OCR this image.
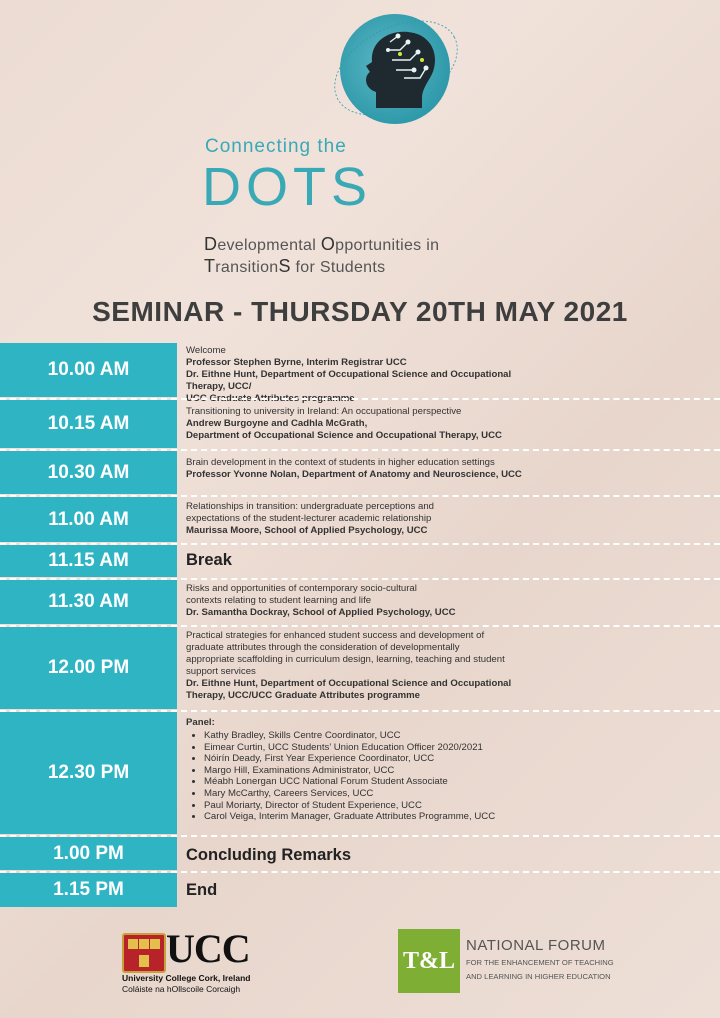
Connecting the
DOTS
Developmental Opportunities in
TransitionS for Students
SEMINAR - THURSDAY 20TH MAY 2021
10.00 AM
Welcome
Professor Stephen Byrne, Interim Registrar UCC
Dr. Eithne Hunt, Department of Occupational Science and Occupational Therapy, UCC/
UCC Graduate Attributes programme
10.15 AM
Transitioning to university in Ireland: An occupational perspective
Andrew Burgoyne and Cadhla McGrath,
Department of Occupational Science and Occupational Therapy, UCC
10.30 AM	Brain development in the context of students in higher education settings
Professor Yvonne Nolan, Department of Anatomy and Neuroscience, UCC
11.00 AM
Relationships in transition: undergraduate perceptions and
expectations of the student-lecturer academic relationship
Maurissa Moore, School of Applied Psychology, UCC
11.15 AM	Break
11.30 AM
Risks and opportunities of contemporary socio-cultural
contexts relating to student learning and life
Dr. Samantha Dockray, School of Applied Psychology, UCC
12.00 PM
Practical strategies for enhanced student success and development of
graduate attributes through the consideration of developmentally
appropriate scaffolding in curriculum design, learning, teaching and student
support services
Dr. Eithne Hunt, Department of Occupational Science and Occupational
Therapy, UCC/UCC Graduate Attributes programme
12.30 PM
Panel:
• Kathy Bradley, Skills Centre Coordinator, UCC
• Eimear Curtin, UCC Students’ Union Education Officer 2020/2021
• Nóirín Deady, First Year Experience Coordinator, UCC
• Margo Hill, Examinations Administrator, UCC
• Méabh Lonergan UCC National Forum Student Associate
• Mary McCarthy, Careers Services, UCC
• Paul Moriarty, Director of Student Experience, UCC
• Carol Veiga, Interim Manager, Graduate Attributes Programme, UCC
1.00 PM	Concluding Remarks
1.15 PM	End
UCC
University College Cork, Ireland
Coláiste na hOllscoile Corcaigh
T&L
NATIONAL FORUM
FOR THE ENHANCEMENT OF TEACHING
AND LEARNING IN HIGHER EDUCATION
